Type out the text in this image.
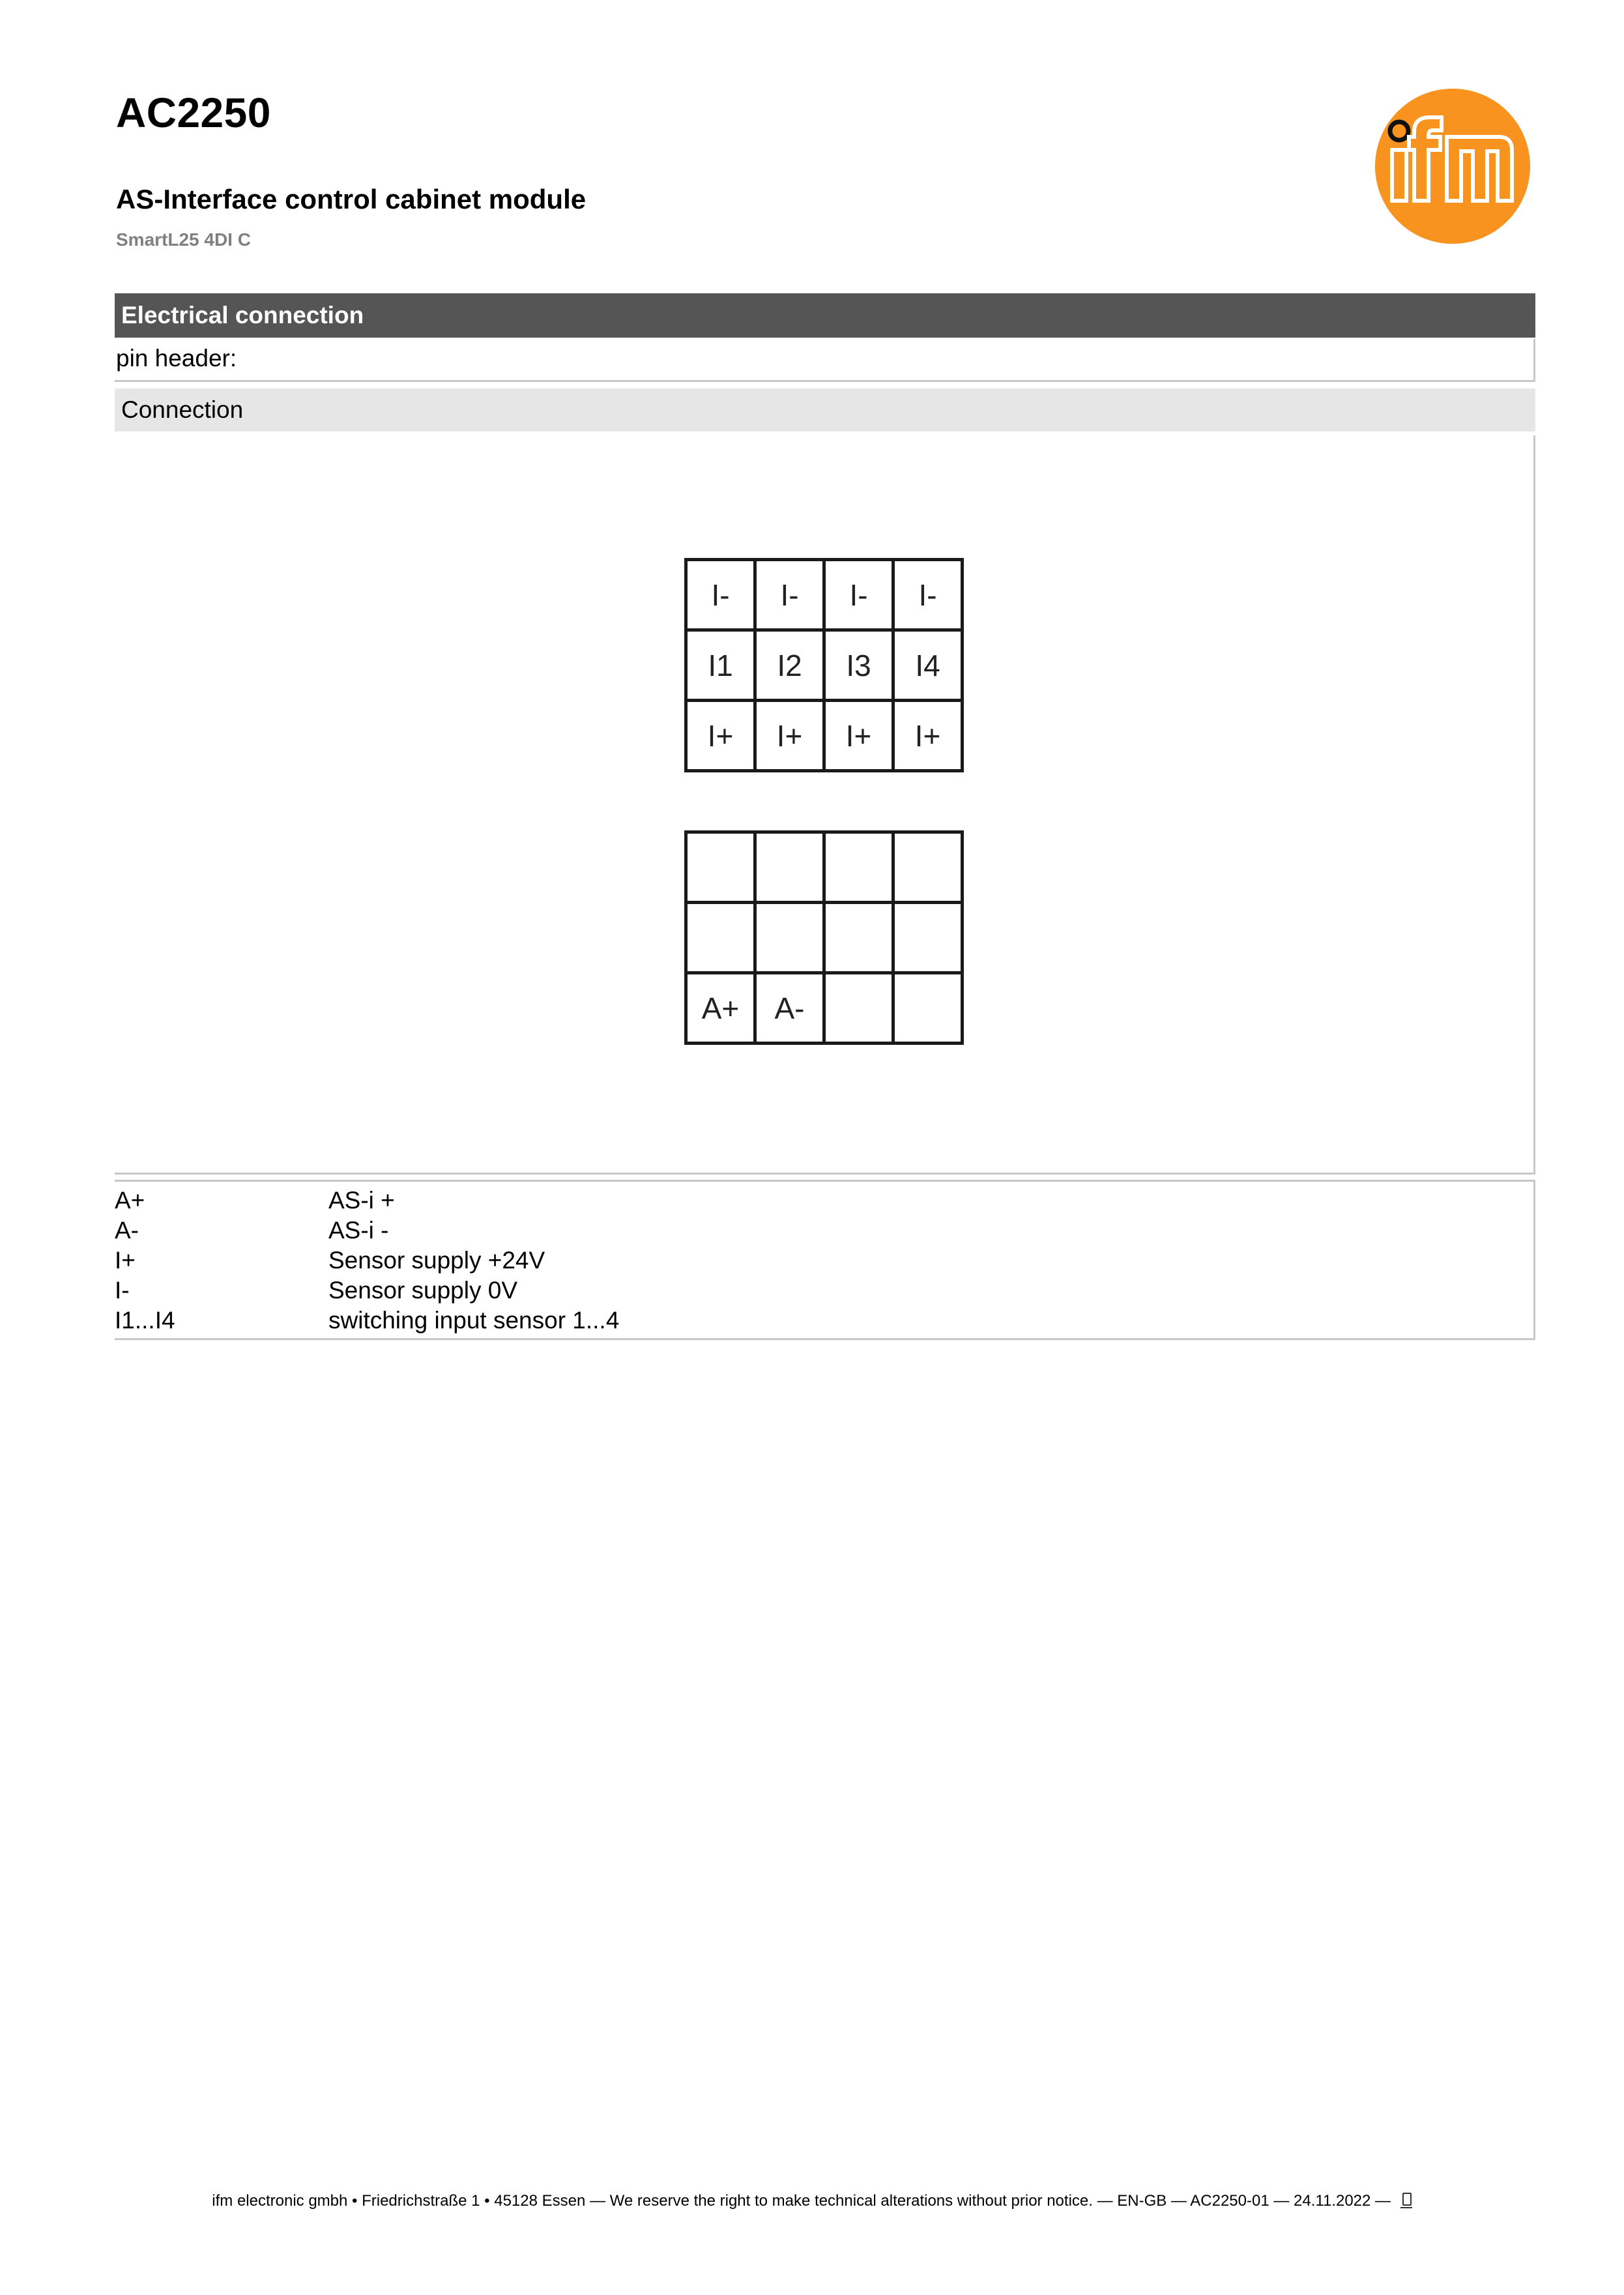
AC2250
AS-Interface control cabinet module
SmartL25 4DI C
Electrical connection
pin header:
Connection
I-	I-	I-	I-
I1	I2	I3	I4
I+	I+	I+	I+
A+	A-
A+	AS-i +
A-	AS-i -
I+	Sensor supply +24V
I-	Sensor supply 0V
I1...I4	switching input sensor 1...4
ifm electronic gmbh • Friedrichstraße 1 • 45128 Essen — We reserve the right to make technical alterations without prior notice. — EN-GB — AC2250-01 — 24.11.2022 —
